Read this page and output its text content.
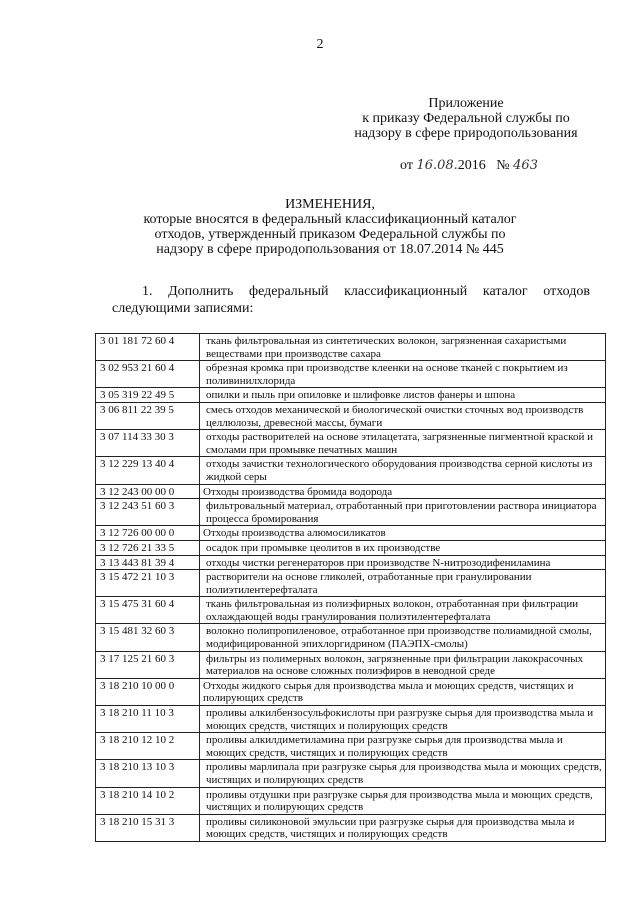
2
Приложение
к приказу Федеральной службы по
надзору в сфере природопользования
от 16.08.2016 № 463
ИЗМЕНЕНИЯ,
которые вносятся в федеральный классификационный каталог
отходов, утвержденный приказом Федеральной службы по
надзору в сфере природопользования от 18.07.2014 № 445
1. Дополнить федеральный классификационный каталог отходов следующими записями:
3 01 181 72 60 4	ткань фильтровальная из синтетических волокон, загрязненная сахаристыми веществами при производстве сахара
3 02 953 21 60 4	обрезная кромка при производстве клеенки на основе тканей с покрытием из поливинилхлорида
3 05 319 22 49 5	опилки и пыль при опиловке и шлифовке листов фанеры и шпона
3 06 811 22 39 5	смесь отходов механической и биологической очистки сточных вод производств целлюлозы, древесной массы, бумаги
3 07 114 33 30 3	отходы растворителей на основе этилацетата, загрязненные пигментной краской и смолами при промывке печатных машин
3 12 229 13 40 4	отходы зачистки технологического оборудования производства серной кислоты из жидкой серы
3 12 243 00 00 0	Отходы производства бромида водорода
3 12 243 51 60 3	фильтровальный материал, отработанный при приготовлении раствора инициатора процесса бромирования
3 12 726 00 00 0	Отходы производства алюмосиликатов
3 12 726 21 33 5	осадок при промывке цеолитов в их производстве
3 13 443 81 39 4	отходы чистки регенераторов при производстве N-нитрозодифениламина
3 15 472 21 10 3	растворители на основе гликолей, отработанные при гранулировании полиэтилентерефталата
3 15 475 31 60 4	ткань фильтровальная из полиэфирных волокон, отработанная при фильтрации охлаждающей воды гранулирования полиэтилентерефталата
3 15 481 32 60 3	волокно полипропиленовое, отработанное при производстве полиамидной смолы, модифицированной эпихлоргидрином (ПАЭПХ-смолы)
3 17 125 21 60 3	фильтры из полимерных волокон, загрязненные при фильтрации лакокрасочных материалов на основе сложных полиэфиров в неводной среде
3 18 210 10 00 0	Отходы жидкого сырья для производства мыла и моющих средств, чистящих и полирующих средств
3 18 210 11 10 3	проливы алкилбензосульфокислоты при разгрузке сырья для производства мыла и моющих средств, чистящих и полирующих средств
3 18 210 12 10 2	проливы алкилдиметиламина при разгрузке сырья для производства мыла и моющих средств, чистящих и полирующих средств
3 18 210 13 10 3	проливы марлипала при разгрузке сырья для производства мыла и моющих средств, чистящих и полирующих средств
3 18 210 14 10 2	проливы отдушки при разгрузке сырья для производства мыла и моющих средств, чистящих и полирующих средств
3 18 210 15 31 3	проливы силиконовой эмульсии при разгрузке сырья для производства мыла и моющих средств, чистящих и полирующих средств
